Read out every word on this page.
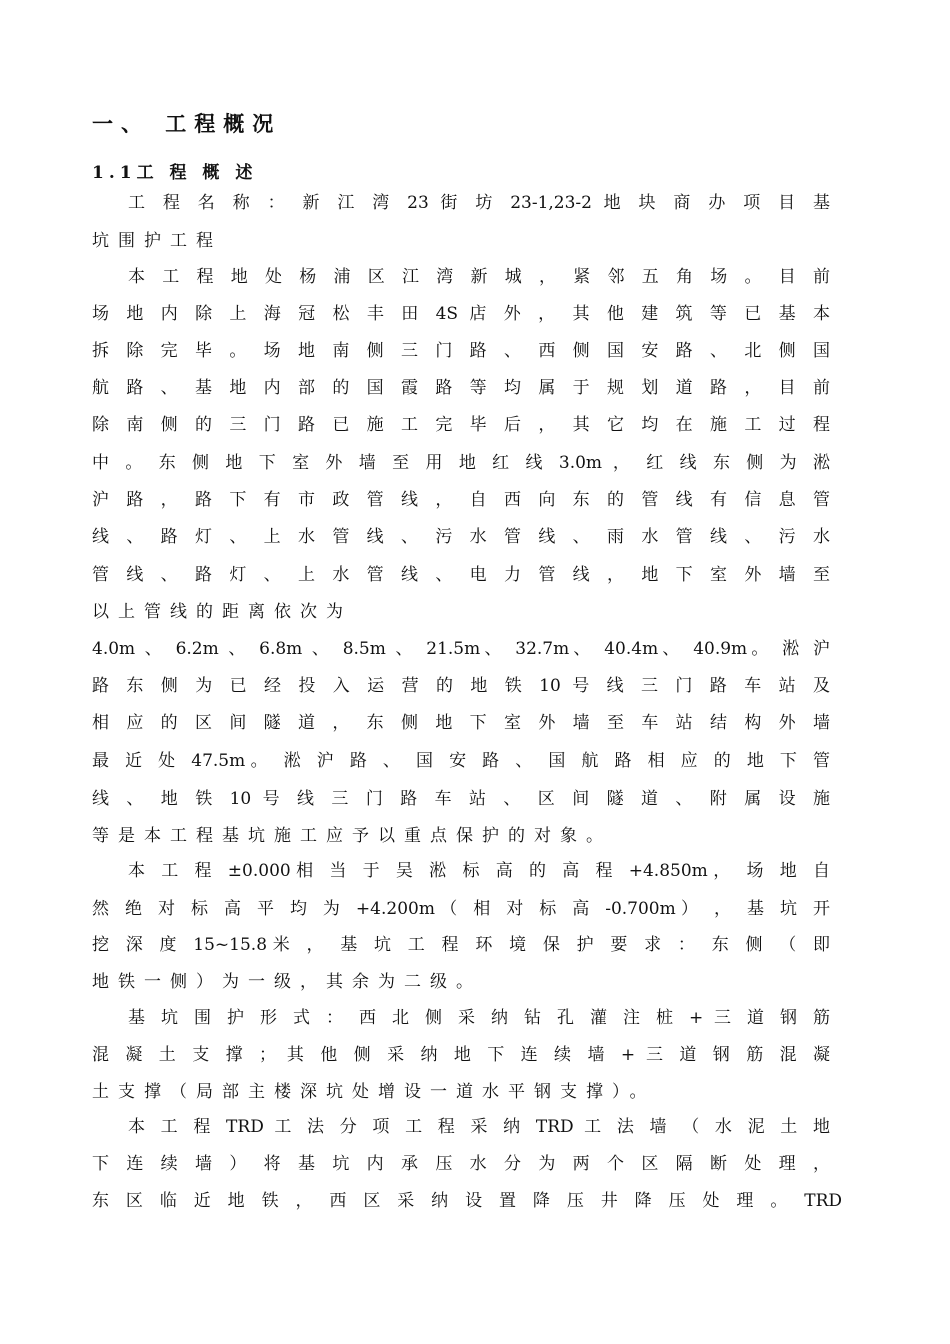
一、 工程概况
1.1工 程 概 述
工 程 名 称 ： 新 江 湾 23 街 坊 23-1,23-2 地 块 商 办 项 目 基
坑围护工程
本 工 程 地 处 杨 浦 区 江 湾 新 城 ， 紧 邻 五 角 场 。 目 前
场 地 内 除 上 海 冠 松 丰 田 4S 店 外 ， 其 他 建 筑 等 已 基 本
拆 除 完 毕 。 场 地 南 侧 三 门 路 、 西 侧 国 安 路 、 北 侧 国
航 路 、 基 地 内 部 的 国 霞 路 等 均 属 于 规 划 道 路 ， 目 前
除 南 侧 的 三 门 路 已 施 工 完 毕 后 ， 其 它 均 在 施 工 过 程
中 。 东 侧 地 下 室 外 墙 至 用 地 红 线 3.0m ， 红 线 东 侧 为 淞
沪 路 ， 路 下 有 市 政 管 线 ， 自 西 向 东 的 管 线 有 信 息 管
线 、 路 灯 、 上 水 管 线 、 污 水 管 线 、 雨 水 管 线 、 污 水
管 线 、 路 灯 、 上 水 管 线 、 电 力 管 线 ， 地 下 室 外 墙 至
以上管线的距离依次为
4.0m 、 6.2m 、 6.8m 、 8.5m 、 21.5m、 32.7m、 40.4m、 40.9m。 淞 沪
路 东 侧 为 已 经 投 入 运 营 的 地 铁 10 号 线 三 门 路 车 站 及
相 应 的 区 间 隧 道 ， 东 侧 地 下 室 外 墙 至 车 站 结 构 外 墙
最 近 处 47.5m。 淞 沪 路 、 国 安 路 、 国 航 路 相 应 的 地 下 管
线 、 地 铁 10 号 线 三 门 路 车 站 、 区 间 隧 道 、 附 属 设 施
等是本工程基坑施工应予以重点保护的对象。
本 工 程 ±0.000相 当 于 吴 淞 标 高 的 高 程 +4.850m， 场 地 自
然 绝 对 标 高 平 均 为 +4.200m（ 相 对 标 高 -0.700m） ， 基 坑 开
挖 深 度 15~15.8米 ， 基 坑 工 程 环 境 保 护 要 求 ： 东 侧 （ 即
地铁一侧）为一级，其余为二级。
基 坑 围 护 形 式 ： 西 北 侧 采 纳 钻 孔 灌 注 桩 + 三 道 钢 筋
混 凝 土 支 撑 ； 其 他 侧 采 纳 地 下 连 续 墙 + 三 道 钢 筋 混 凝
土支撑（局部主楼深坑处增设一道水平钢支撑）。
本 工 程 TRD 工 法 分 项 工 程 采 纳 TRD 工 法 墙 （ 水 泥 土 地
下 连 续 墙 ） 将 基 坑 内 承 压 水 分 为 两 个 区 隔 断 处 理 ，
东 区 临 近 地 铁 ， 西 区 采 纳 设 置 降 压 井 降 压 处 理 。 TRD
